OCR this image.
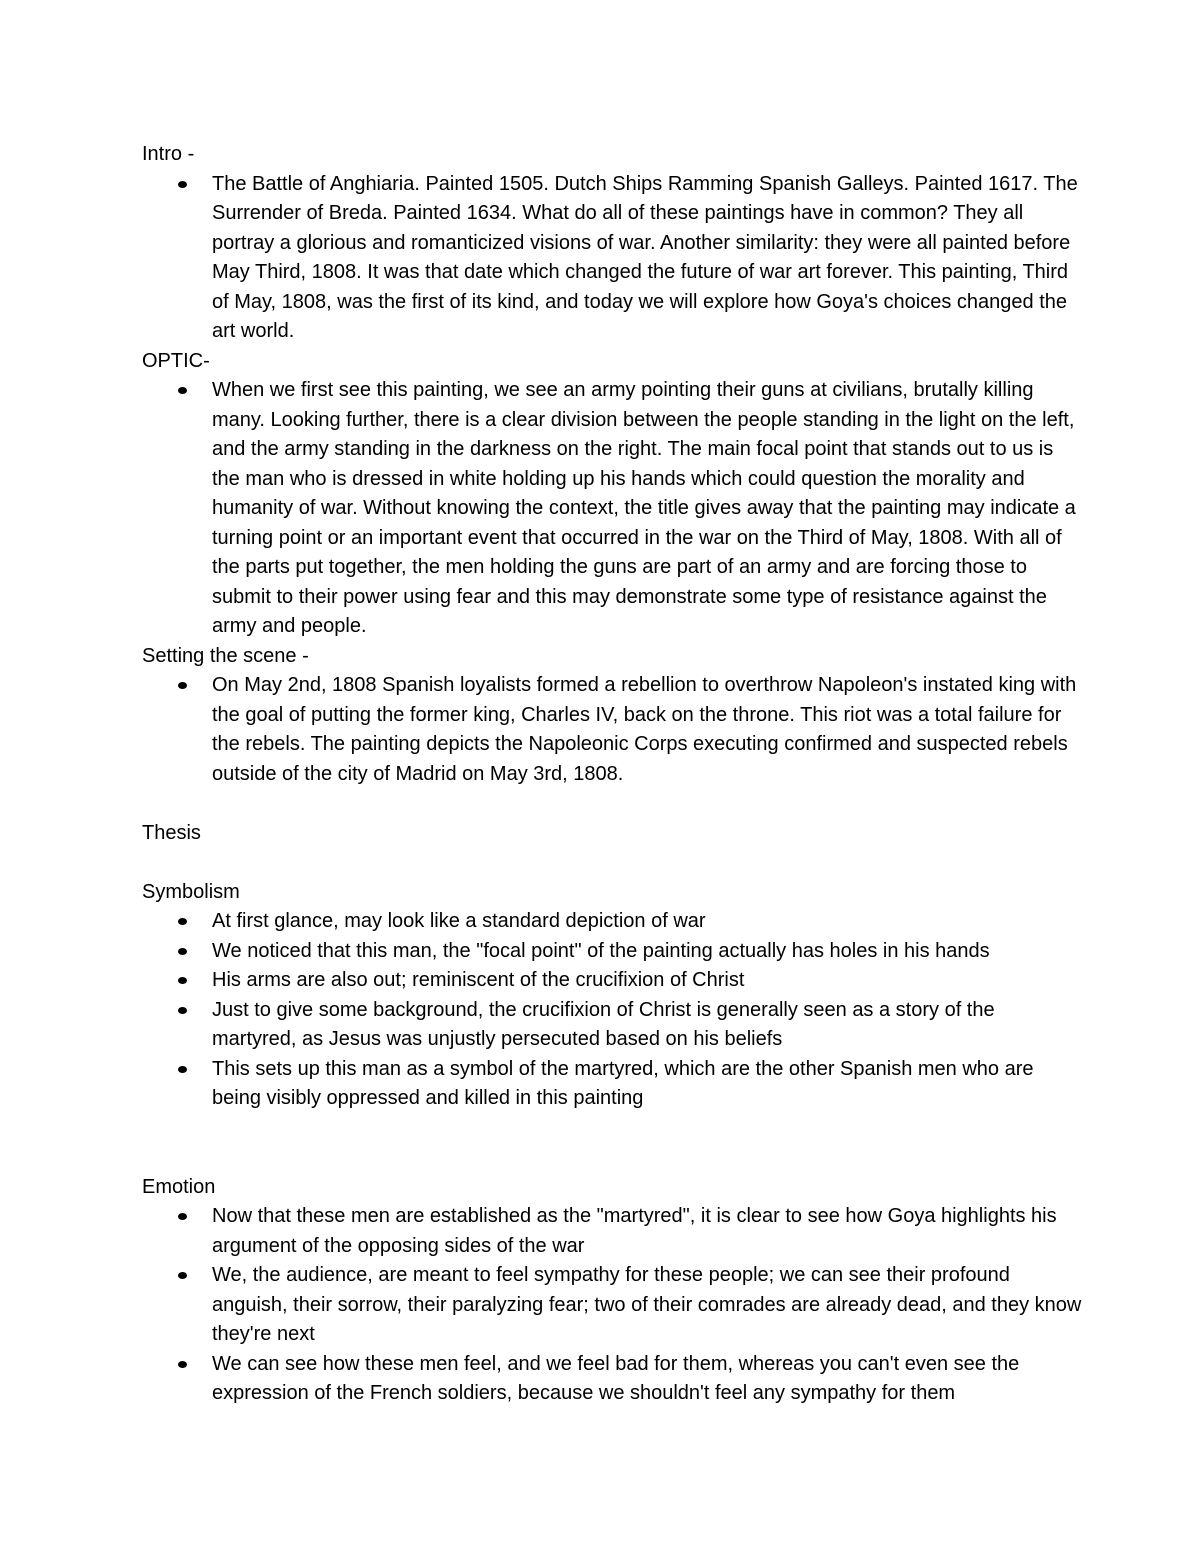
Intro -

The Battle of Anghiaria. Painted 1505. Dutch Ships Ramming Spanish Galleys. Painted 1617. The Surrender of Breda. Painted 1634. What do all of these paintings have in common? They all portray a glorious and romanticized visions of war. Another similarity: they were all painted before May Third, 1808. It was that date which changed the future of war art forever. This painting, Third of May, 1808, was the first of its kind, and today we will explore how Goya's choices changed the art world.

OPTIC-

When we first see this painting, we see an army pointing their guns at civilians, brutally killing many. Looking further, there is a clear division between the people standing in the light on the left, and the army standing in the darkness on the right. The main focal point that stands out to us is the man who is dressed in white holding up his hands which could question the morality and humanity of war. Without knowing the context, the title gives away that the painting may indicate a turning point or an important event that occurred in the war on the Third of May, 1808. With all of the parts put together, the men holding the guns are part of an army and are forcing those to submit to their power using fear and this may demonstrate some type of resistance against the army and people.

Setting the scene -

On May 2nd, 1808 Spanish loyalists formed a rebellion to overthrow Napoleon's instated king with the goal of putting the former king, Charles IV, back on the throne. This riot was a total failure for the rebels. The painting depicts the Napoleonic Corps executing confirmed and suspected rebels outside of the city of Madrid on May 3rd, 1808.

Thesis

Symbolism

At first glance, may look like a standard depiction of war
We noticed that this man, the "focal point" of the painting actually has holes in his hands
His arms are also out; reminiscent of the crucifixion of Christ
Just to give some background, the crucifixion of Christ is generally seen as a story of the martyred, as Jesus was unjustly persecuted based on his beliefs
This sets up this man as a symbol of the martyred, which are the other Spanish men who are being visibly oppressed and killed in this painting

Emotion

Now that these men are established as the "martyred", it is clear to see how Goya highlights his argument of the opposing sides of the war
We, the audience, are meant to feel sympathy for these people; we can see their profound anguish, their sorrow, their paralyzing fear; two of their comrades are already dead, and they know they're next
We can see how these men feel, and we feel bad for them, whereas you can't even see the expression of the French soldiers, because we shouldn't feel any sympathy for them
